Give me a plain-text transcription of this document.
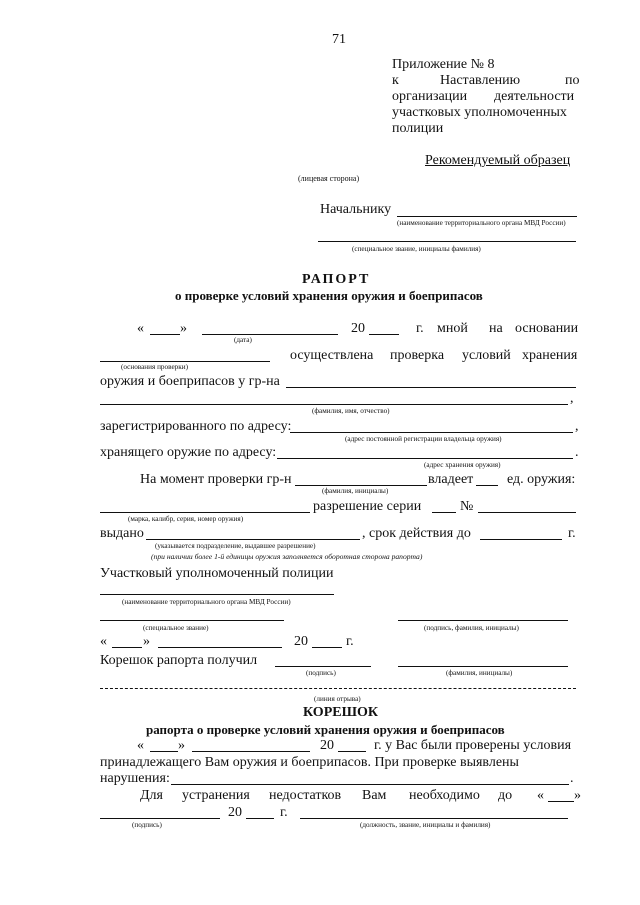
71
Приложение № 8
к	Наставлению	по
организации деятельности
участковых уполномоченных
полиции
Рекомендуемый образец
(лицевая сторона)
Начальнику
(наименование территориального органа МВД России)
(специальное звание, инициалы фамилия)
РАПОРТ
о проверке условий хранения оружия и боеприпасов
«	»	20	г. мной на основании
(дата)
осуществлена проверка условий хранения
(основания проверки)
оружия и боеприпасов у гр-на
,
(фамилия, имя, отчество)
зарегистрированного по адресу:	,
(адрес постоянной регистрации владельца оружия)
хранящего оружие по адресу:	.
(адрес хранения оружия)
На момент проверки гр-н	владеет ед. оружия:
(фамилия, инициалы)
разрешение серии	№
(марка, калибр, серия, номер оружия)
выдано	, срок действия до	г.
(указывается подразделение, выдавшее разрешение)
(при наличии более 1-й единицы оружия заполняется оборотная сторона рапорта)
Участковый уполномоченный полиции
(наименование территориального органа МВД России)
(специальное звание)	(подпись, фамилия, инициалы)
«	»	20	г.
Корешок рапорта получил
(подпись)	(фамилия, инициалы)
(линия отрыва)
КОРЕШОК
рапорта о проверке условий хранения оружия и боеприпасов
« »	20	г. у Вас были проверены условия
принадлежащего Вам оружия и боеприпасов. При проверке выявлены
нарушения:	.
Для устранения недостатков Вам необходимо до « »
20	г.
(подпись)	(должность, звание, инициалы и фамилия)
